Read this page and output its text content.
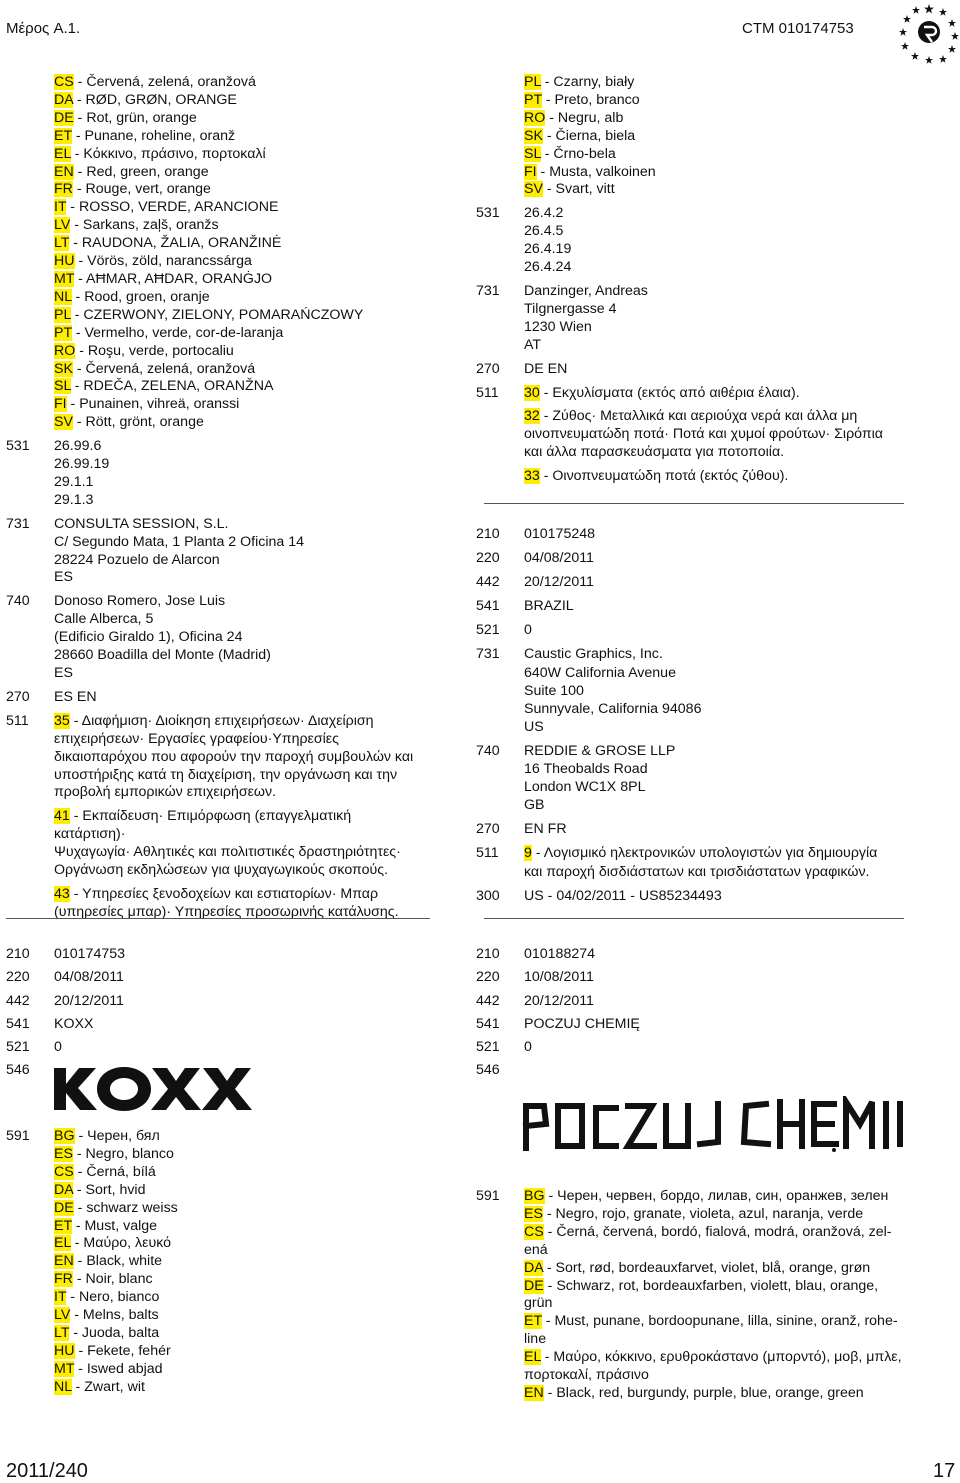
Μέρος A.1.	CTM 010174753
CS - Červená, zelená, oranžová
DA - RØD, GRØN, ORANGE
DE - Rot, grün, orange
ET - Punane, roheline, oranž
EL - Κόκκινο, πράσινο, πορτοκαλί
EN - Red, green, orange
FR - Rouge, vert, orange
IT - ROSSO, VERDE, ARANCIONE
LV - Sarkans, zaļš, oranžs
LT - RAUDONA, ŽALIA, ORANŽINĖ
HU - Vörös, zöld, narancssárga
MT - AĦMAR, AĦDAR, ORANĠJO
NL - Rood, groen, oranje
PL - CZERWONY, ZIELONY, POMARAŃCZOWY
PT - Vermelho, verde, cor-de-laranja
RO - Roşu, verde, portocaliu
SK - Červená, zelená, oranžová
SL - RDEČA, ZELENA, ORANŽNA
FI - Punainen, vihreä, oranssi
SV - Rött, grönt, orange
531	26.99.6
26.99.19
29.1.1
29.1.3
731	CONSULTA SESSION, S.L.
C/ Segundo Mata, 1 Planta 2 Oficina 14
28224 Pozuelo de Alarcon
ES
740	Donoso Romero, Jose Luis
Calle Alberca, 5
(Edificio Giraldo 1), Oficina 24
28660 Boadilla del Monte (Madrid)
ES
270	ES EN
511	35 - Διαφήμιση· Διοίκηση επιχειρήσεων· Διαχείριση
επιχειρήσεων· Εργασίες γραφείου·Υπηρεσίες
δικαιοπαρόχου που αφορούν την παροχή συμβουλών και
υποστήριξης κατά τη διαχείριση, την οργάνωση και την
προβολή εμπορικών επιχειρήσεων.
41 - Εκπαίδευση· Επιμόρφωση (επαγγελματική κατάρτιση)·
Ψυχαγωγία· Αθλητικές και πολιτιστικές δραστηριότητες·
Οργάνωση εκδηλώσεων για ψυχαγωγικούς σκοπούς.
43 - Υπηρεσίες ξενοδοχείων και εστιατορίων· Μπαρ
(υπηρεσίες μπαρ)· Υπηρεσίες προσωρινής κατάλυσης.
PL - Czarny, biały
PT - Preto, branco
RO - Negru, alb
SK - Čierna, biela
SL - Črno-bela
FI - Musta, valkoinen
SV - Svart, vitt
531	26.4.2
26.4.5
26.4.19
26.4.24
731	Danzinger, Andreas
Tilgnergasse 4
1230 Wien
AT
270	DE EN
511	30 - Εκχυλίσματα (εκτός από αιθέρια έλαια).
32 - Ζύθος· Μεταλλικά και αεριούχα νερά και άλλα μη
οινοπνευματώδη ποτά· Ποτά και χυμοί φρούτων· Σιρόπια
και άλλα παρασκευάσματα για ποτοποιία.
33 - Οινοπνευματώδη ποτά (εκτός ζύθου).
210	010175248
220	04/08/2011
442	20/12/2011
541	BRAZIL
521	0
731	Caustic Graphics, Inc.
640W California Avenue
Suite 100
Sunnyvale, California 94086
US
740	REDDIE & GROSE LLP
16 Theobalds Road
London WC1X 8PL
GB
270	EN FR
511	9 - Λογισμικό ηλεκτρονικών υπολογιστών για δημιουργία
και παροχή δισδιάστατων και τρισδιάστατων γραφικών.
300	US - 04/02/2011 - US85234493
210	010174753
220	04/08/2011
442	20/12/2011
541	KOXX
521	0
546
591	BG - Черен, бял
ES - Negro, blanco
CS - Černá, bílá
DA - Sort, hvid
DE - schwarz weiss
ET - Must, valge
EL - Μαύρο, λευκό
EN - Black, white
FR - Noir, blanc
IT - Nero, bianco
LV - Melns, balts
LT - Juoda, balta
HU - Fekete, fehér
MT - Iswed abjad
NL - Zwart, wit
210	010188274
220	10/08/2011
442	20/12/2011
541	POCZUJ CHEMIĘ
521	0
546
591	BG - Черен, червен, бордо, лилав, син, оранжев, зелен
ES - Negro, rojo, granate, violeta, azul, naranja, verde
CS - Černá, červená, bordó, fialová, modrá, oranžová, zel-
ená
DA - Sort, rød, bordeauxfarvet, violet, blå, orange, grøn
DE - Schwarz, rot, bordeauxfarben, violett, blau, orange,
grün
ET - Must, punane, bordoopunane, lilla, sinine, oranž, rohe-
line
EL - Μαύρο, κόκκινο, ερυθροκάστανο (μπορντό), μοβ, μπλε,
πορτοκαλί, πράσινο
EN - Black, red, burgundy, purple, blue, orange, green
2011/240	17
